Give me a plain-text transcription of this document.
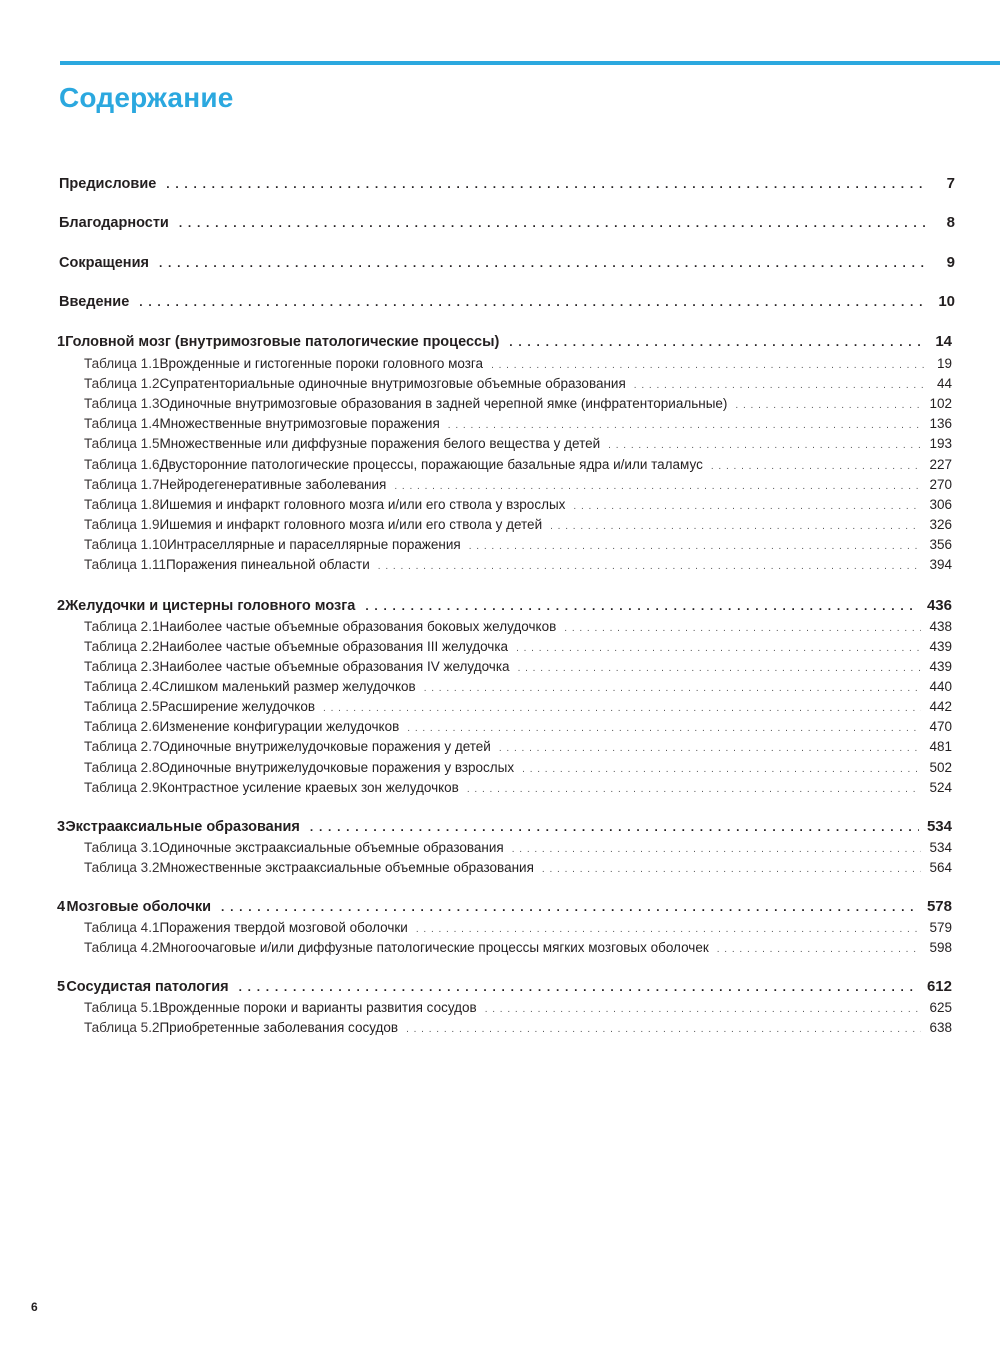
Содержание
Предисловие . . .	7
Благодарности . . .	8
Сокращения . . .	9
Введение . . .	10
1 Головной мозг (внутримозговые патологические процессы) . . .	14
Таблица 1.1 Врожденные и гистогенные пороки головного мозга . . .	19
Таблица 1.2 Супратенториальные одиночные внутримозговые объемные образования . . .	44
Таблица 1.3 Одиночные внутримозговые образования в задней черепной ямке (инфратенториальные) . . .	102
Таблица 1.4 Множественные внутримозговые поражения . . .	136
Таблица 1.5 Множественные или диффузные поражения белого вещества у детей . . .	193
Таблица 1.6 Двусторонние патологические процессы, поражающие базальные ядра и/или таламус . . .	227
Таблица 1.7 Нейродегенеративные заболевания . . .	270
Таблица 1.8 Ишемия и инфаркт головного мозга и/или его ствола у взрослых . . .	306
Таблица 1.9 Ишемия и инфаркт головного мозга и/или его ствола у детей . . .	326
Таблица 1.10 Интраселлярные и параселлярные поражения . . .	356
Таблица 1.11 Поражения пинеальной области . . .	394
2 Желудочки и цистерны головного мозга . . .	436
Таблица 2.1 Наиболее частые объемные образования боковых желудочков . . .	438
Таблица 2.2 Наиболее частые объемные образования III желудочка . . .	439
Таблица 2.3 Наиболее частые объемные образования IV желудочка . . .	439
Таблица 2.4 Слишком маленький размер желудочков . . .	440
Таблица 2.5 Расширение желудочков . . .	442
Таблица 2.6 Изменение конфигурации желудочков . . .	470
Таблица 2.7 Одиночные внутрижелудочковые поражения у детей . . .	481
Таблица 2.8 Одиночные внутрижелудочковые поражения у взрослых . . .	502
Таблица 2.9 Контрастное усиление краевых зон желудочков . . .	524
3 Экстрааксиальные образования . . .	534
Таблица 3.1 Одиночные экстрааксиальные объемные образования . . .	534
Таблица 3.2 Множественные экстрааксиальные объемные образования . . .	564
4 Мозговые оболочки . . .	578
Таблица 4.1 Поражения твердой мозговой оболочки . . .	579
Таблица 4.2 Многоочаговые и/или диффузные патологические процессы мягких мозговых оболочек . . .	598
5 Сосудистая патология . . .	612
Таблица 5.1 Врожденные пороки и варианты развития сосудов . . .	625
Таблица 5.2 Приобретенные заболевания сосудов . . .	638
6
